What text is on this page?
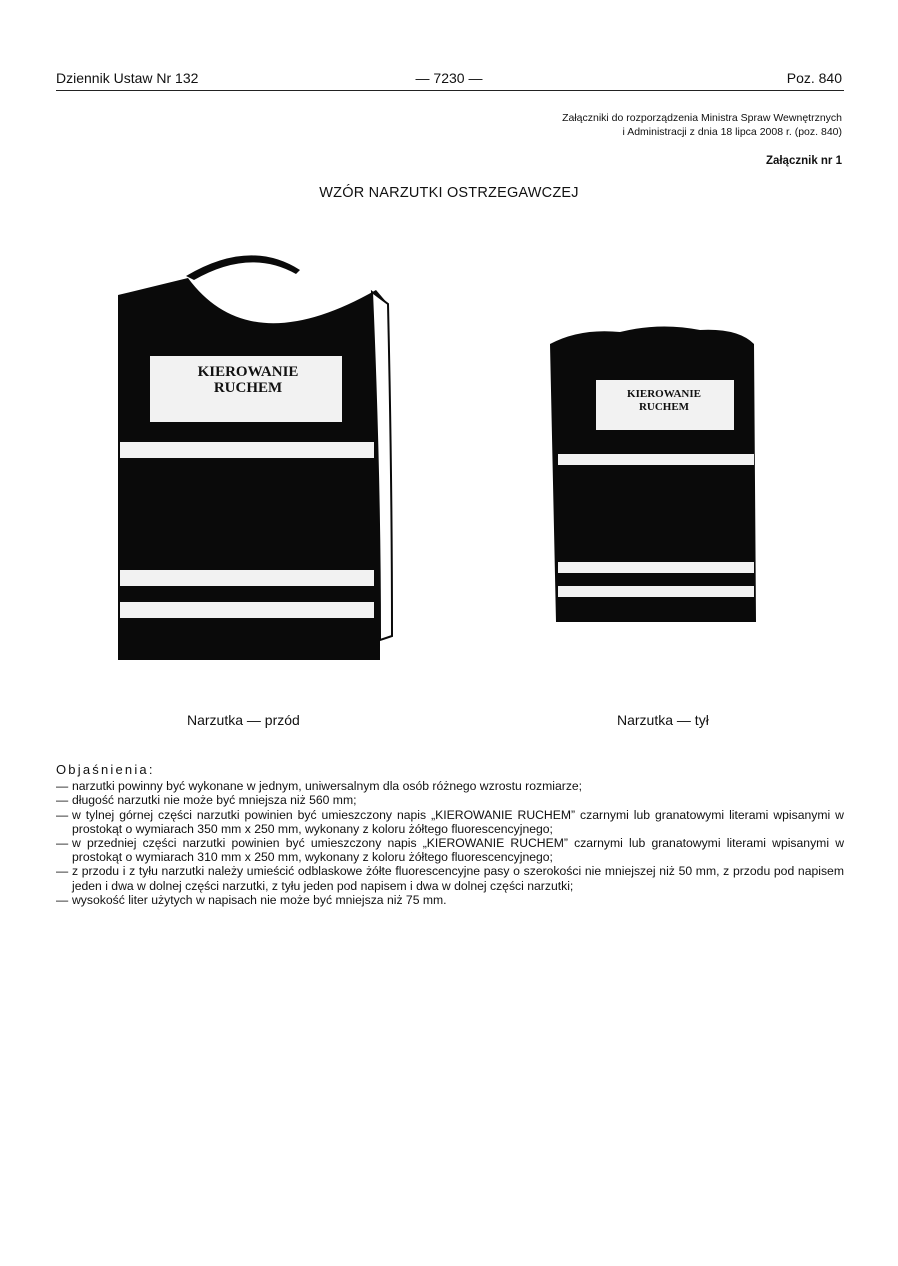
— 7230 —
Dziennik Ustaw Nr 132	Poz. 840
Załączniki do rozporządzenia Ministra Spraw Wewnętrznych
i Administracji z dnia 18 lipca 2008 r. (poz. 840)
Załącznik nr 1
WZÓR NARZUTKI OSTRZEGAWCZEJ
KIEROWANIE
RUCHEM	KIEROWANIE
RUCHEM
Narzutka — przód	Narzutka — tył
Objaśnienia:
— narzutki powinny być wykonane w jednym, uniwersalnym dla osób różnego wzrostu rozmiarze;
— długość narzutki nie może być mniejsza niż 560 mm;
— w tylnej górnej części narzutki powinien być umieszczony napis „KIEROWANIE RUCHEM” czarnymi lub granatowymi literami wpisanymi w prostokąt o wymiarach 350 mm x 250 mm, wykonany z koloru żółtego fluorescencyjnego;
— w przedniej części narzutki powinien być umieszczony napis „KIEROWANIE RUCHEM” czarnymi lub granatowymi literami wpisanymi w prostokąt o wymiarach 310 mm x 250 mm, wykonany z koloru żółtego fluorescencyjnego;
— z przodu i z tyłu narzutki należy umieścić odblaskowe żółte fluorescencyjne pasy o szerokości nie mniejszej niż 50 mm, z przodu pod napisem jeden i dwa w dolnej części narzutki, z tyłu jeden pod napisem i dwa w dolnej części narzutki;
— wysokość liter użytych w napisach nie może być mniejsza niż 75 mm.
